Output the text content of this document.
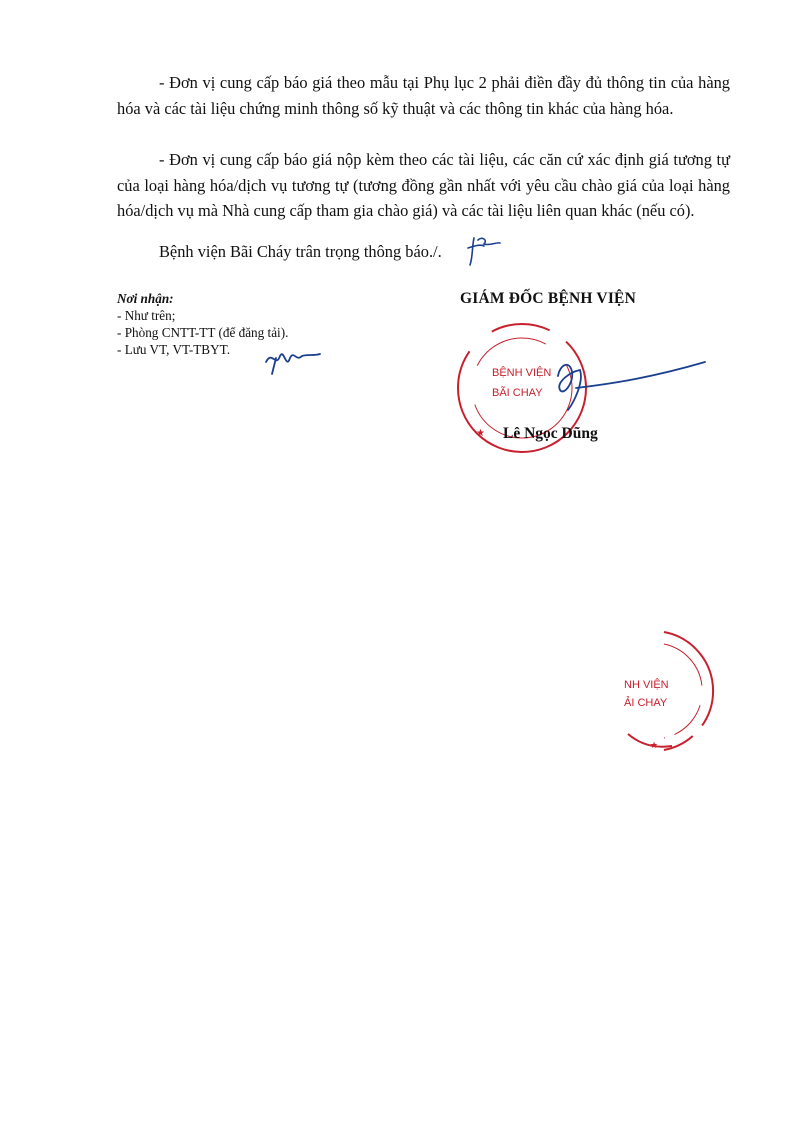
- Đơn vị cung cấp báo giá theo mẫu tại Phụ lục 2 phải điền đầy đủ thông tin của hàng hóa và các tài liệu chứng minh thông số kỹ thuật và các thông tin khác của hàng hóa.

- Đơn vị cung cấp báo giá nộp kèm theo các tài liệu, các căn cứ xác định giá tương tự của loại hàng hóa/dịch vụ tương tự (tương đồng gần nhất với yêu cầu chào giá của loại hàng hóa/dịch vụ mà Nhà cung cấp tham gia chào giá) và các tài liệu liên quan khác (nếu có).

Bệnh viện Bãi Cháy trân trọng thông báo./.

Nơi nhận:
- Như trên;
- Phòng CNTT-TT (để đăng tải).
- Lưu VT, VT-TBYT.
GIÁM ĐỐC BỆNH VIỆN
BỆNH VIỆN
BÃI CHAY
★ Lê Ngọc Dũng
NH VIỆN
ẢI CHAY
★
